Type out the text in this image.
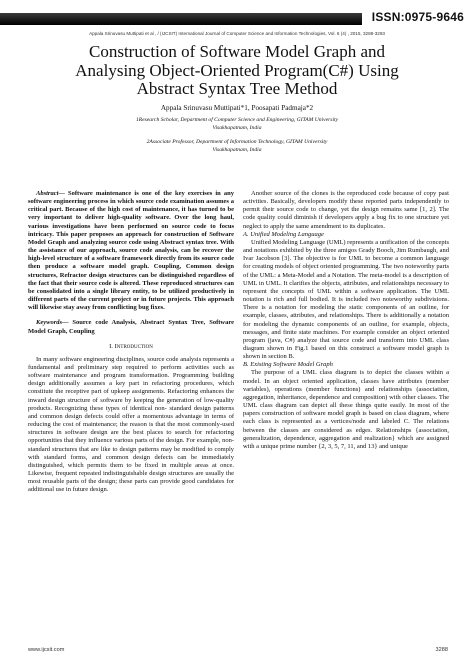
ISSN:0975-9646
Appala Srinuvasu Muttipati et al , / (IJCSIT) International Journal of Computer Science and Information Technologies, Vol. 6 (4) , 2015, 3288-3293
Construction of Software Model Graph and
Analysing Object-Oriented Program(C#) Using
Abstract Syntax Tree Method
Appala Srinuvasu Muttipati*1, Poosapati Padmaja*2
1Research Scholar, Department of Computer Science and Engineering, GITAM University
Visakhapatnam, India
2Associate Professor, Department of Information Technology, GITAM University
Visakhapatnam, India

Abstract— Software maintenance is one of the key exercises in any software engineering process in which source code examination assumes a critical part. Because of the high cost of maintenance, it has turned to be very important to deliver high-quality software. Over the long haul, various investigations have been performed on source code to focus intricacy. This paper proposes an approach for construction of Software Model Graph and analyzing source code using Abstract syntax tree. With the assistance of our approach, source code analysis, can be recover the high-level structure of a software framework directly from its source code then produce a software model graph. Coupling, Common design structures, Refractor design structures can be distinguished regardless of the fact that their source code is altered. These reproduced structures can be consolidated into a single library entity, to be utilized productively in different parts of the current project or in future projects. This approach will likewise stay away from conflicting bug fixes.

Keywords— Source code Analysis, Abstract Syntax Tree, Software Model Graph, Coupling

I. Introduction

In many software engineering disciplines, source code analysis represents a fundamental and preliminary step required to perform activities such as software maintenance and program transformation. Programming building design additionally assumes a key part in refactoring procedures, which constitute the receptive part of upkeep assignments. Refactoring enhances the inward design structure of software by keeping the generation of low-quality products. Recognizing these types of identical non- standard design patterns and common design defects could offer a momentous advantage in terms of reducing the cost of maintenance; the reason is that the most commonly-used structures in software design are the best places to search for refactoring opportunities that they influence various parts of the design. For example, non-standard structures that are like to design patterns may be modified to comply with standard forms, and common design defects can be immediately distinguished, which permits them to be fixed in multiple areas at once. Likewise, frequent repeated indistinguishable design structures are usually the most reusable parts of the design; these parts can provide good candidates for additional use in future design.

Another source of the clones is the reproduced code because of copy past activities. Basically, developers modify these reported parts independently to permit their source code to change, yet the design remains same [1, 2]. The code quality could diminish if developers apply a bug fix to one structure yet neglect to apply the same amendment to its duplicates.

A. Unified Modeling Language

Unified Modeling Language (UML) represents a unification of the concepts and notations exhibited by the three amigos Grady Booch, Jim Rumbaugh, and Ivar Jacobson [3]. The objective is for UML to become a common language for creating models of object oriented programming. The two noteworthy parts of the UML: a Meta-Model and a Notation. The meta-model is a description of UML in UML. It clarifies the objects, attributes, and relationships necessary to represent the concepts of UML within a software application. The UML notation is rich and full bodied. It is included two noteworthy subdivisions. There is a notation for modeling the static components of an outline, for example, classes, attributes, and relationships. There is additionally a notation for modeling the dynamic components of an outline, for example, objects, messages, and finite state machines. For example consider an object oriented program (java, C#) analyze that source code and transform into UML class diagram shown in Fig.1 based on this construct a software model graph is shown in section B.

B. Existing Software Model Graph

The purpose of a UML class diagram is to depict the classes within a model. In an object oriented application, classes have attributes (member variables), operations (member functions) and relationships (association, aggregation, inheritance, dependence and composition) with other classes. The UML class diagram can depict all these things quite easily. In most of the papers construction of software model graph is based on class diagram, where each class is represented as a vertices/node and labeled C. The relations between the classes are considered as edges. Relationships {association, generalization, dependence, aggregation and realization} which are assigned with a unique prime number {2, 3, 5, 7, 11, and 13} and unique

www.ijcsit.com	3288
